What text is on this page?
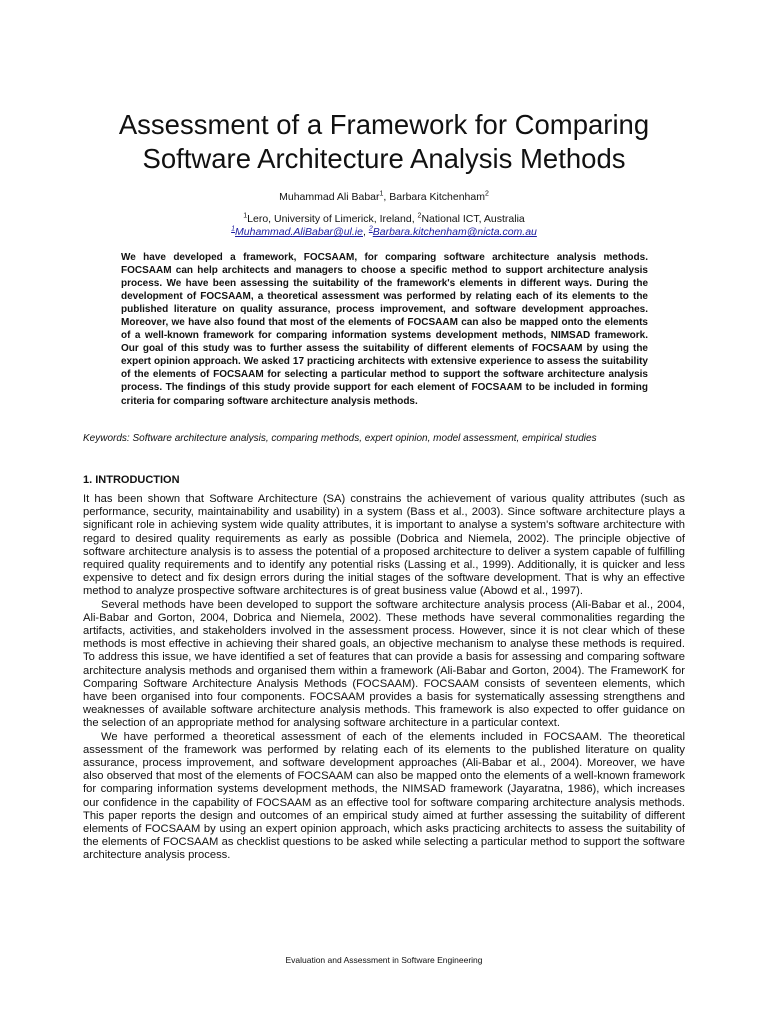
Assessment of a Framework for Comparing
Software Architecture Analysis Methods
Muhammad Ali Babar$^1$, Barbara Kitchenham$^2$
$^1$Lero, University of Limerick, Ireland, $^2$National ICT, Australia
$^1$Muhammad.AliBabar@ul.ie, $^2$Barbara.kitchenham@nicta.com.au

We have developed a framework, FOCSAAM, for comparing software architecture analysis methods. FOCSAAM can help architects and managers to choose a specific method to support architecture analysis process. We have been assessing the suitability of the framework's elements in different ways. During the development of FOCSAAM, a theoretical assessment was performed by relating each of its elements to the published literature on quality assurance, process improvement, and software development approaches. Moreover, we have also found that most of the elements of FOCSAAM can also be mapped onto the elements of a well-known framework for comparing information systems development methods, NIMSAD framework. Our goal of this study was to further assess the suitability of different elements of FOCSAAM by using the expert opinion approach. We asked 17 practicing architects with extensive experience to assess the suitability of the elements of FOCSAAM for selecting a particular method to support the software architecture analysis process. The findings of this study provide support for each element of FOCSAAM to be included in forming criteria for comparing software architecture analysis methods.

Keywords: Software architecture analysis, comparing methods, expert opinion, model assessment, empirical studies
1. INTRODUCTION

It has been shown that Software Architecture (SA) constrains the achievement of various quality attributes (such as performance, security, maintainability and usability) in a system (Bass et al., 2003). Since software architecture plays a significant role in achieving system wide quality attributes, it is important to analyse a system's software architecture with regard to desired quality requirements as early as possible (Dobrica and Niemela, 2002). The principle objective of software architecture analysis is to assess the potential of a proposed architecture to deliver a system capable of fulfilling required quality requirements and to identify any potential risks (Lassing et al., 1999). Additionally, it is quicker and less expensive to detect and fix design errors during the initial stages of the software development. That is why an effective method to analyze prospective software architectures is of great business value (Abowd et al., 1997).

Several methods have been developed to support the software architecture analysis process (Ali-Babar et al., 2004, Ali-Babar and Gorton, 2004, Dobrica and Niemela, 2002). These methods have several commonalities regarding the artifacts, activities, and stakeholders involved in the assessment process. However, since it is not clear which of these methods is most effective in achieving their shared goals, an objective mechanism to analyse these methods is required. To address this issue, we have identified a set of features that can provide a basis for assessing and comparing software architecture analysis methods and organised them within a framework (Ali-Babar and Gorton, 2004). The FrameworK for Comparing Software Architecture Analysis Methods (FOCSAAM). FOCSAAM consists of seventeen elements, which have been organised into four components. FOCSAAM provides a basis for systematically assessing strengthens and weaknesses of available software architecture analysis methods. This framework is also expected to offer guidance on the selection of an appropriate method for analysing software architecture in a particular context.

We have performed a theoretical assessment of each of the elements included in FOCSAAM. The theoretical assessment of the framework was performed by relating each of its elements to the published literature on quality assurance, process improvement, and software development approaches (Ali-Babar et al., 2004). Moreover, we have also observed that most of the elements of FOCSAAM can also be mapped onto the elements of a well-known framework for comparing information systems development methods, the NIMSAD framework (Jayaratna, 1986), which increases our confidence in the capability of FOCSAAM as an effective tool for software comparing architecture analysis methods. This paper reports the design and outcomes of an empirical study aimed at further assessing the suitability of different elements of FOCSAAM by using an expert opinion approach, which asks practicing architects to assess the suitability of the elements of FOCSAAM as checklist questions to be asked while selecting a particular method to support the software architecture analysis process.

Evaluation and Assessment in Software Engineering
